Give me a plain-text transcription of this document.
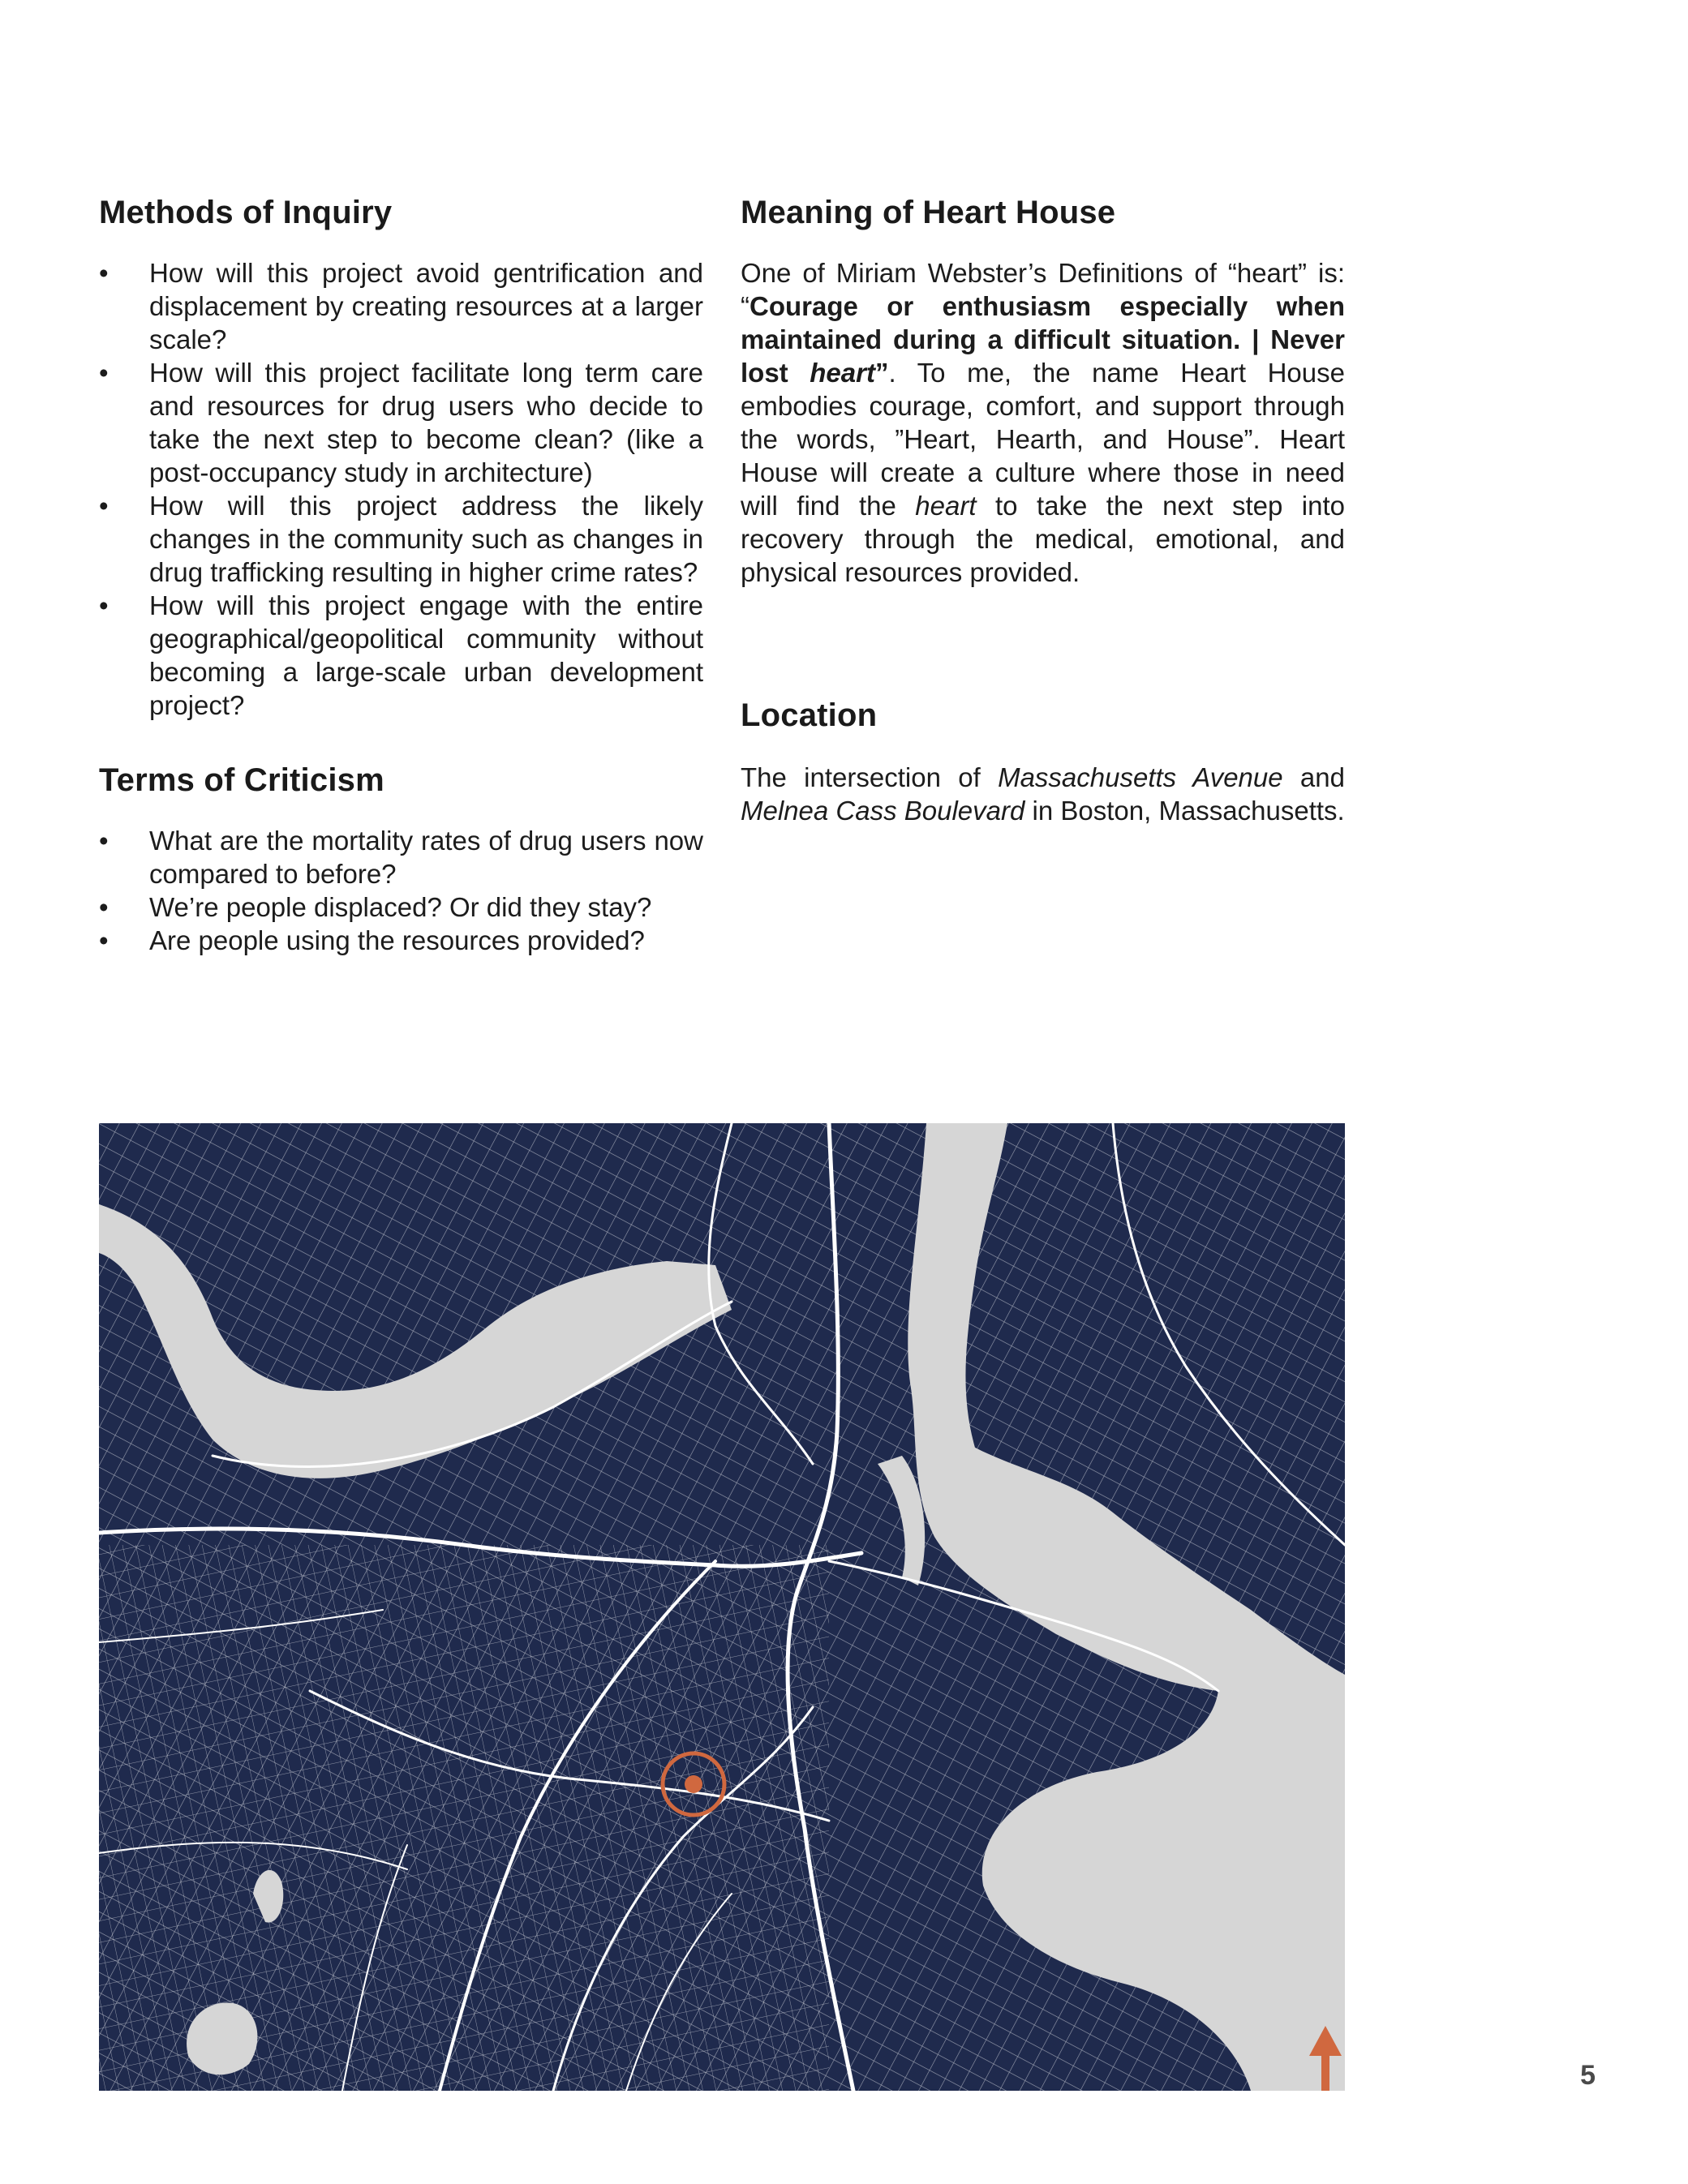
Methods of Inquiry
• How will this project avoid gentrification and displacement by creating resources at a larger scale?
• How will this project facilitate long term care and resources for drug users who decide to take the next step to become clean? (like a post-occupancy study in architecture)
• How will this project address the likely changes in the community such as changes in drug trafficking resulting in higher crime rates?
• How will this project engage with the entire geographical/geopolitical community without becoming a large-scale urban development project?
Terms of Criticism
• What are the mortality rates of drug users now compared to before?
• We’re people displaced? Or did they stay?
• Are people using the resources provided?
Meaning of Heart House

One of Miriam Webster’s Definitions of “heart” is: “Courage or enthusiasm especially when maintained during a difficult situation. | Never lost heart”. To me, the name Heart House embodies courage, comfort, and support through the words, ”Heart, Hearth, and House”. Heart House will create a culture where those in need will find the heart to take the next step into recovery through the medical, emotional, and physical resources provided.

Location

The intersection of Massachusetts Avenue and Melnea Cass Boulevard in Boston, Massachusetts.

5
